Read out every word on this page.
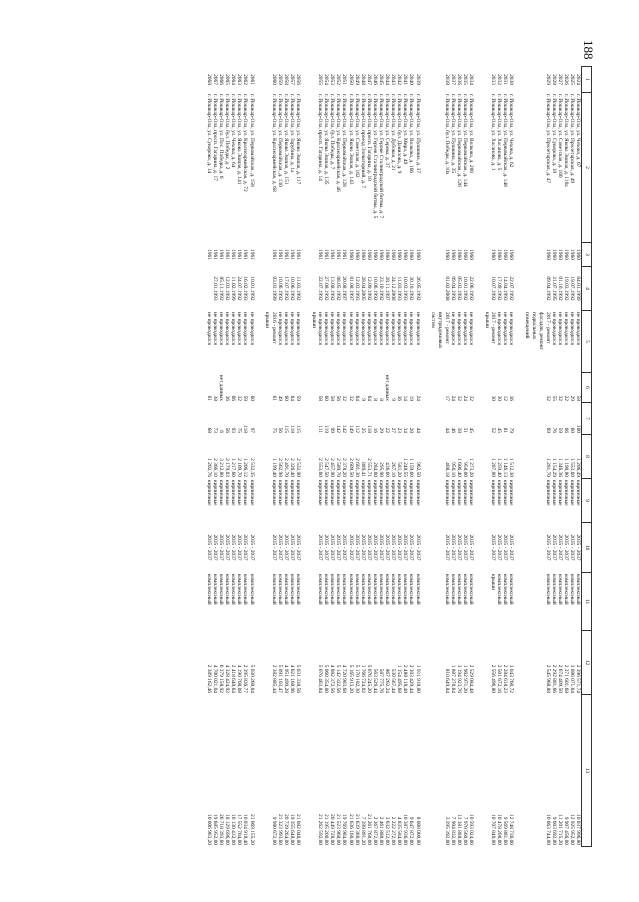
188
1	2	3	4	5	6	7	8	9	10	11	12	13
2024	г. Йошкар-Ола, ул. Чехова, д. 67	1960	04.01.1999	не проводился	58	100	1 206,49	кирпичные	2035 - 2037	комплексный	2 396 571,74	10 037 996,80
2025	г. Йошкар-Ола, ул. Пролетарская, д. 49	1960	19.07.1992	не проводился	29	60	1 553,60	кирпичные	2035 - 2037	комплексный	3 086 071,04	12 925 952,00
2026	г. Йошкар-Ола, ул. Якова Эшпая, д. 110а	1960	19.03.1992	не проводился	22	66	1 190,80	кирпичные	2035 - 2037	комплексный	2 371 601,68	9 907 456,00
2027	г. Йошкар-Ола, ул. Советская, д. 160	1960	01.10.1992	не проводился	32	59	1 346,36	кирпичные	2035 - 2037	комплексный	2 674 409,50	11 201 715,20
2028	г. Йошкар-Ола, ул. Суворова, д. 10	1960	21.07.1995	не проводился	55	76	1 154,29	кирпичные	2035 - 2037	комплексный	2 292 881,66	9 603 692,80
2029	г. Йошкар-Ола, ул. Пролетарская, д. 47	1960	09.04.1992	2017 - ремонт	32	69	1 281,70	кирпичные	2035 - 2037	комплексный	2 545 968,88	10 663 744,00
				фасадов, ремонт								
				подвальных								
				помещений								

2030	г. Йошкар-Ола, ул. Чехова, д. 62	1960	22.07.1992	не проводился	36	79	1 512,30	кирпичные	2035 - 2037	комплексный	3 043 760,72	12 748 736,00
2031	г. Йошкар-Ола, ул. Первомайская, д. 148	1960	14.04.1993	не проводился	12	81	1 146,13	кирпичные	2035 - 2037	комплексный	2 284 618,23	9 569 881,60
2032	г. Йошкар-Ола, ул. Хасанова, д. 5	1960	17.09.1992	не проводился	30	45	1 259,40	кирпичные	2035 - 2037	комплексный	2 501 672,16	10 478 208,00
2033	г. Йошкар-Ола, ул. Хасанова, д. 1	1960	10.07.1992	2017 - ремонт	30	52	1 287,00	кирпичные	2035 - 2037	крыши	2 556 496,80	10 707 840,00
				крыши								

2034	г. Йошкар-Ола, ул. Волкова, д. 200	1960	22.06.1992	не проводился	32	45	1 273,20	кирпичные	2035 - 2037	комплексный	2 529 084,48	10 593 024,00
2035	г. Йошкар-Ола, ул. Первомайская, д. 144	1960	10.01.1992	не проводился	24	31	958,00	кирпичные	2035 - 2037	комплексный	1 902 971,20	7 970 560,00
2036	г. Йошкар-Ола, ул. Первомайская, д. 126	1960	05.03.1992	не проводился	32	38	1 606,40	кирпичные	2035 - 2037	комплексный	3 194 923,76	13 381 888,00
2037	г. Йошкар-Ола, ул. Пушкина, д. 35	1960	09.04.1992	не проводился	24	46	950,10	кирпичные	2035 - 2037	комплексный	1 887 278,64	7 904 832,00
2038	г. Йошкар-Ола, бул. Победы, д. 10а	1960	01.02.2008	2017 - ремонт	17	44	408,18	кирпичные	2035 - 2037	комплексный	810 649,84	3 395 392,00
				внутридомовых								
				систем								

2039	г. Йошкар-Ола, ул. Пушкина, д. 37	1960	26.05.1992	не проводился	24	44	962,50	кирпичные	2035 - 2037	комплексный	1 911 910,00	8 008 000,00
2040	г. Йошкар-Ола, ул. Волкова, д. 166	1960	30.10.1992	не проводился	19	28	1 159,60	кирпичные	2035 - 2037	комплексный	2 303 429,44	9 647 872,00
2041	г. Йошкар-Ола, ул. Мира, д. 49	1960	10.03.1993	не проводился	14	34	1 248,55	кирпичные	2035 - 2037	комплексный	2 480 118,48	10 387 936,00
2042	г. Йошкар-Ола, бул. Данилова, д. 9	1960	11.03.1993	не проводился	36	23	581,20	кирпичные	2035 - 2037	комплексный	1 154 495,68	4 835 584,00
2043	г. Йошкар-Ола, ул. Дубовая, д. 21	1960	24.12.2008	не проводился	9	27	267,10	кирпичные	2035 - 2037	комплексный	530 567,44	2 222 272,00
2044	г. Йошкар-Ола, ул. Серова, д. 37	1960	28.11.1997	не проводился	нет данных	22	436,60	кирпичные	2035 - 2037	комплексный	867 262,24	3 632 512,00
2045	г. Йошкар-Ола, ул. Герове Сталинградской битвы, д. 7	1960	23.10.1992	не проводился	8	29	295,90	кирпичные	2035 - 2037	комплексный	587 775,76	2 461 888,00
2046	г. Йошкар-Ола, ул. Героев Сталинградской битвы, д. 5	1960	10.06.1992	не проводился	8	16	284,00	кирпичные	2035 - 2037	комплексный	563 529,44	2 367 872,00
2047	г. Йошкар-Ола, просп. Гагарина, д. 10	1960	12.09.1992	не проводился	64	118	2 553,71	кирпичные	2035 - 2037	комплексный	5 076 245,20	21 261 760,00
2048	г. Йошкар-Ола, проезд Элеваторный, д. 7	1960	28.04.2005	не проводился	9	25	889,41	кирпичные	2035 - 2037	комплексный	1 766 724,02	7 399 891,20
2049	г. Йошкар-Ола, ул. Советская, д. 162	1960	12.03.1993	не проводился	64	112	2 601,30	кирпичные	2035 - 2037	комплексный	5 170 182,30	21 639 360,00
2050	г. Йошкар-Ола, ул. Якова Эшпая, д. 143	1960	01.08.1997	не проводился	32	149	2 609,50	кирпичные	2035 - 2037	комплексный	5 165 913,20	21 636 160,00
2051	г. Йошкар-Ола, ул. Первомайская, д. 128	1961	20.08.1997	не проводился	32	142	2 378,20	кирпичные	2035 - 2037	комплексный	4 720 983,68	19 769 984,00
2052	г. Йошкар-Ола, ул. Красноармейская, д. 46	1961	08.05.1992	не проводился	56	142	2 589,70	кирпичные	2035 - 2037	комплексный	5 142 322,56	21 523 968,00
2053	г. Йошкар-Ола, бул. Победы, д. 7	1961	13.08.1992	не проводился	58	99	2 457,90	кирпичные	2035 - 2037	комплексный	4 882 372,56	20 449 728,00
2054	г. Йошкар-Ола, ул. Якова Эшпая, д. 135	1961	27.08.1992	не проводился	60	119	2 547,50	кирпичные	2035 - 2037	комплексный	5 060 354,00	21 195 200,00
2055	г. Йошкар-Ола, просп. Гагарина, д. 14	1961	22.07.1992	не проводился	58	111	2 553,60	кирпичные	2035 - 2037	комплексный	5 076 463,84	21 262 592,00
				крыши								

2056	г. Йошкар-Ола, ул. Якова Эшпая, д. 117	1961	11.03.1992	не проводился	59	115	2 532,90	кирпичные	2035 - 2037	комплексный	5 031 338,56	21 082 048,00
2057	г. Йошкар-Ола, ул. Зарубина, д. 1а	1961	10.06.1992	не проводился	64	118	2 326,40	кирпичные	2035 - 2037	комплексный	4 621 160,96	19 355 648,00
2058	г. Йошкар-Ола, ул. Якова Эшпая, д. 151	1961	17.07.1992	не проводился	60	115	2 491,70	кирпичные	2035 - 2037	комплексный	4 951 499,28	20 739 264,00
2059	г. Йошкар-Ола, ул. Первомайская, д. 130	1961	10.06.1992	не проводился	49	56	2 562,98	кирпичные	2035 - 2037	комплексный	5 091 103,47	21 323 993,60
2060	г. Йошкар-Ола, ул. Красноармейская, д. 68	1961	03.03.1999	2016 - ремонт	61	75	1 199,40	кирпичные	2035 - 2037	комплексный	2 382 885,44	9 980 672,00
				крыши								

2061	г. Йошкар-Ола, ул. Первомайская, д. 158	1961	10.01.1992	не проводился	60	97	2 532,35	кирпичные	2035 - 2037	комплексный	5 030 260,04	21 069 155,20
2062	г. Йошкар-Ола, ул. Красноармейская, д. 72	1961	16.02.1993	не проводился	59	118	1 206,12	кирпичные	2035 - 2037	комплексный	2 395 836,77	10 034 918,40
2063	г. Йошкар-Ола, ул. Якова Эшпая, д. 141	1961	24.07.1992	не проводился	32	75	2 109,70	кирпичные	2035 - 2037	комплексный	4 190 708,08	17 552 704,00
2064	г. Йошкар-Ола, ул. Чехова, д. 64	1961	11.02.1999	не проводился	66	93	1 217,60	кирпичные	2035 - 2037	комплексный	2 418 640,64	10 130 432,00
2065	г. Йошкар-Ола, бул. Победы, д. 2	1961	12.03.1992	не проводился	36	56	2 179,03	кирпичные	2035 - 2037	комплексный	4 328 424,92	18 129 696,00
2066	г. Йошкар-Ола, ул. Пос. Победы, д. 6	1961	05.11.1992	не проводился	нет данных	6	3 212,80	кирпичные	2035 - 2037	комплексный	6 379 158,92	26 718 393,60
2067	г. Йошкар-Ола, просп. Гагарина, д. 17	1961	27.01.1993	не проводился	38	73	2 366,10	кирпичные	2035 - 2037	комплексный	4 700 021,04	19 685 952,00
2068	г. Йошкар-Ола, ул. Суворова, д. 14	1961		не проводился	61	68	1 202,76	кирпичные	2035 - 2037	комплексный	2 389 162,46	10 006 963,20
